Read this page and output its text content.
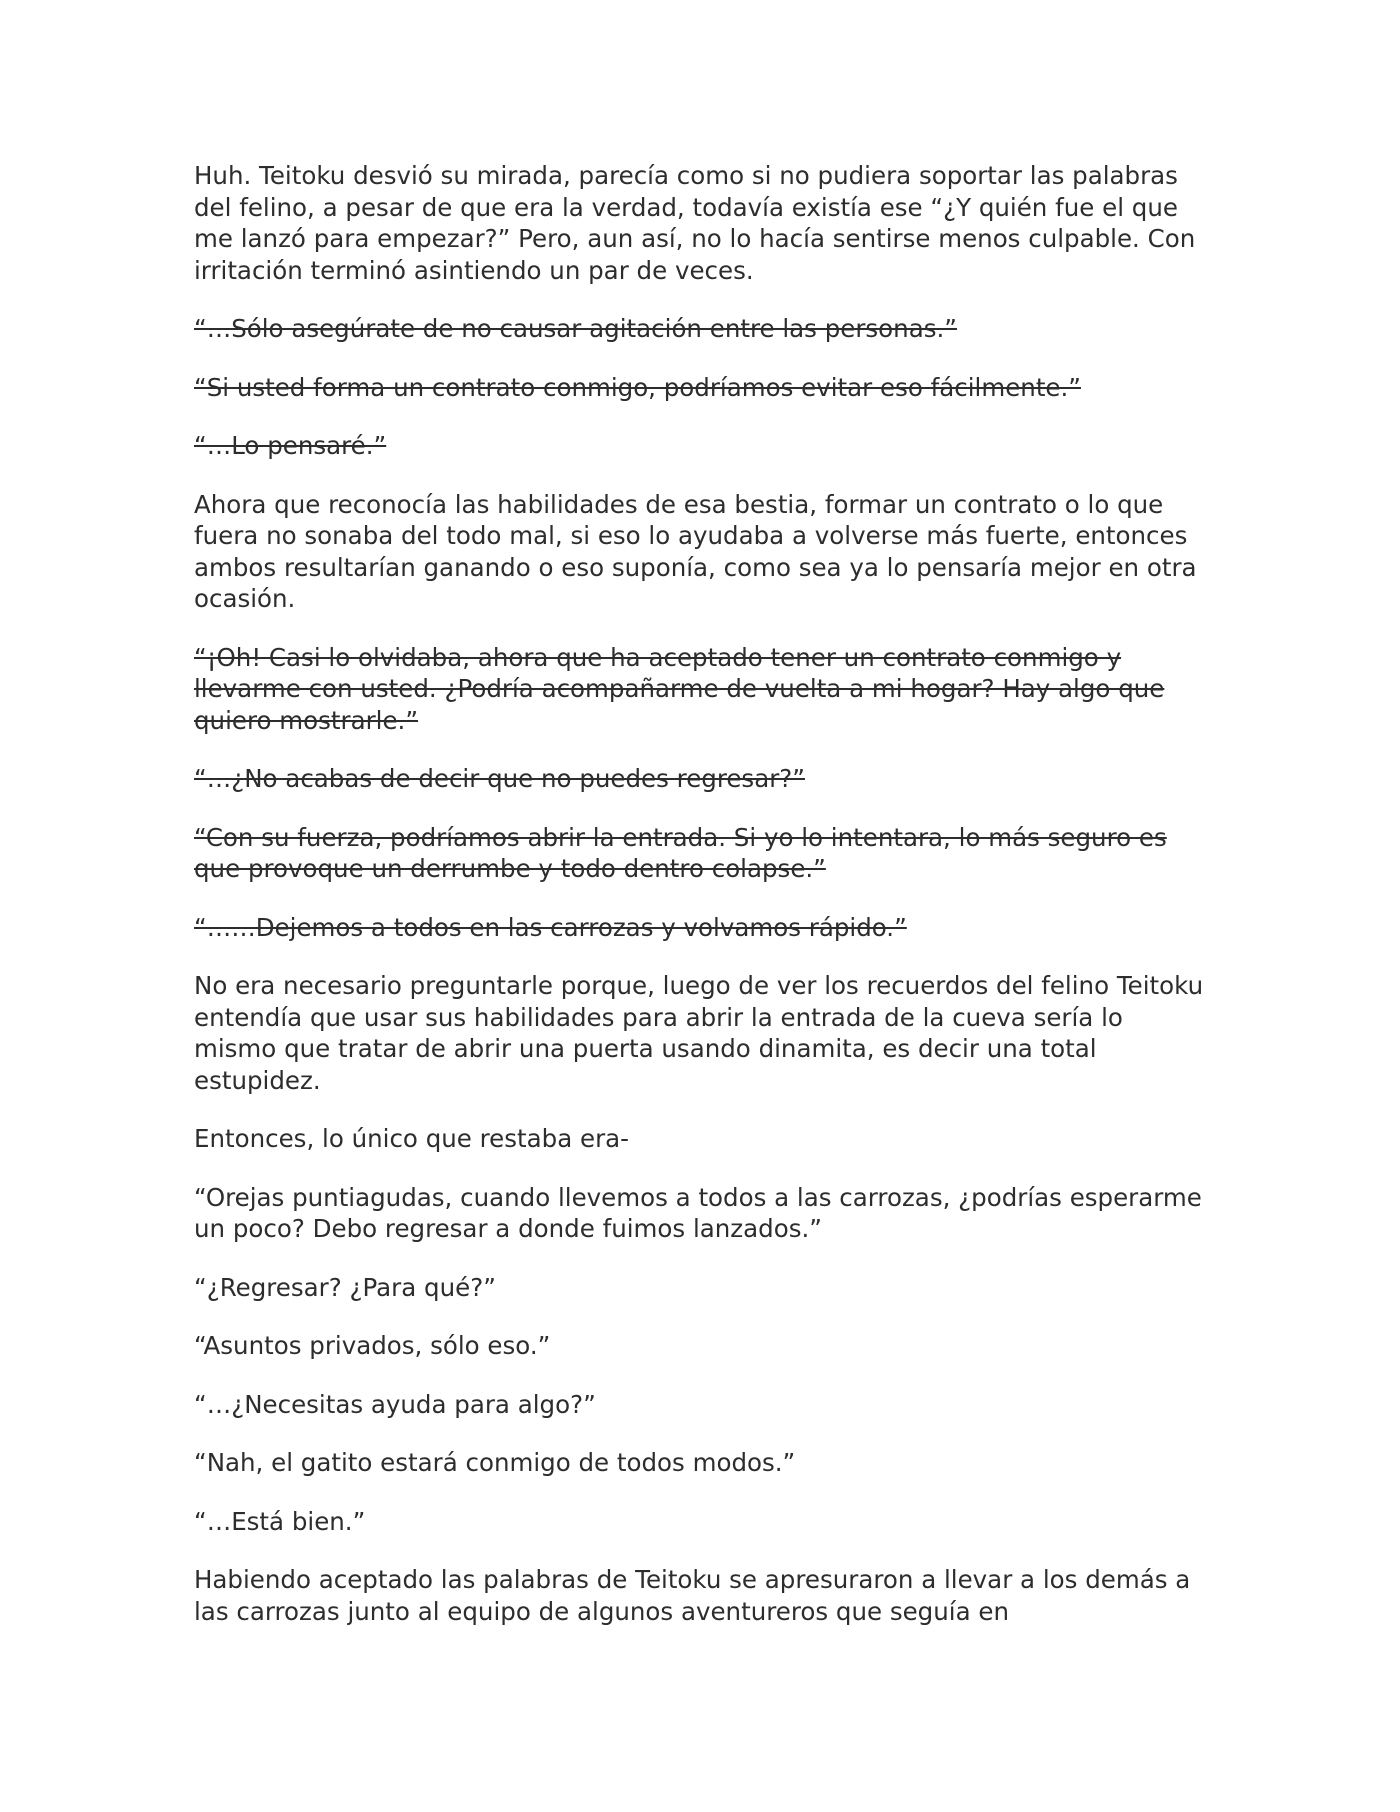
Huh. Teitoku desvió su mirada, parecía como si no pudiera soportar las palabras del felino, a pesar de que era la verdad, todavía existía ese “¿Y quién fue el que me lanzó para empezar?” Pero, aun así, no lo hacía sentirse menos culpable. Con irritación terminó asintiendo un par de veces.

“…Sólo asegúrate de no causar agitación entre las personas.”

“Si usted forma un contrato conmigo, podríamos evitar eso fácilmente.”

“…Lo pensaré.”

Ahora que reconocía las habilidades de esa bestia, formar un contrato o lo que fuera no sonaba del todo mal, si eso lo ayudaba a volverse más fuerte, entonces ambos resultarían ganando o eso suponía, como sea ya lo pensaría mejor en otra ocasión.

“¡Oh! Casi lo olvidaba, ahora que ha aceptado tener un contrato conmigo y llevarme con usted. ¿Podría acompañarme de vuelta a mi hogar? Hay algo que quiero mostrarle.”

“…¿No acabas de decir que no puedes regresar?”

“Con su fuerza, podríamos abrir la entrada. Si yo lo intentara, lo más seguro es que provoque un derrumbe y todo dentro colapse.”

“……Dejemos a todos en las carrozas y volvamos rápido.”

No era necesario preguntarle porque, luego de ver los recuerdos del felino Teitoku entendía que usar sus habilidades para abrir la entrada de la cueva sería lo mismo que tratar de abrir una puerta usando dinamita, es decir una total estupidez.

Entonces, lo único que restaba era-

“Orejas puntiagudas, cuando llevemos a todos a las carrozas, ¿podrías esperarme un poco? Debo regresar a donde fuimos lanzados.”

“¿Regresar? ¿Para qué?”

“Asuntos privados, sólo eso.”

“…¿Necesitas ayuda para algo?”

“Nah, el gatito estará conmigo de todos modos.”

“…Está bien.”

Habiendo aceptado las palabras de Teitoku se apresuraron a llevar a los demás a las carrozas junto al equipo de algunos aventureros que seguía en
